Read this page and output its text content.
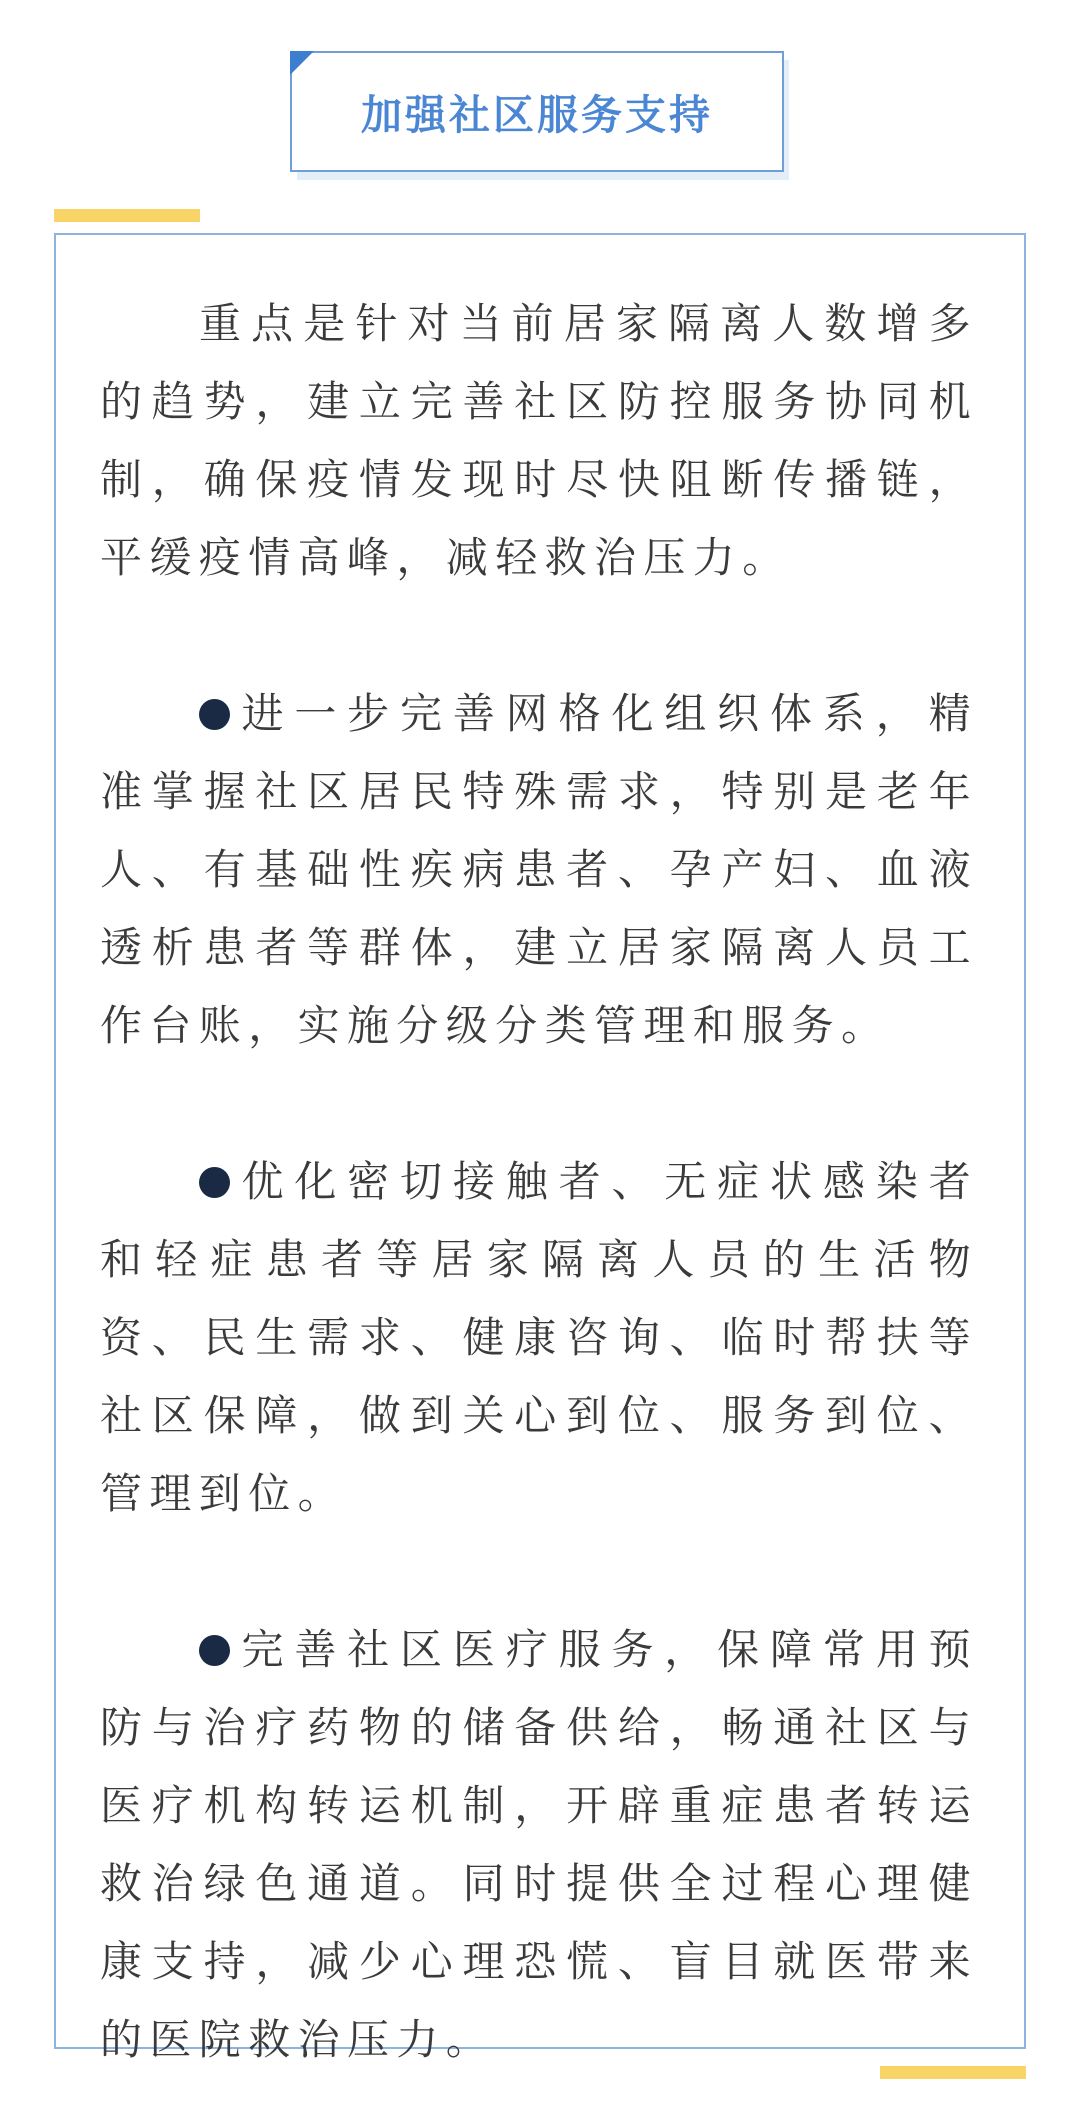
加强社区服务支持

重点是针对当前居家隔离人数增多的趋势，建立完善社区防控服务协同机制，确保疫情发现时尽快阻断传播链，平缓疫情高峰，减轻救治压力。

进一步完善网格化组织体系，精准掌握社区居民特殊需求，特别是老年人、有基础性疾病患者、孕产妇、血液透析患者等群体，建立居家隔离人员工作台账，实施分级分类管理和服务。

优化密切接触者、无症状感染者和轻症患者等居家隔离人员的生活物资、民生需求、健康咨询、临时帮扶等社区保障，做到关心到位、服务到位、管理到位。

完善社区医疗服务，保障常用预防与治疗药物的储备供给，畅通社区与医疗机构转运机制，开辟重症患者转运救治绿色通道。同时提供全过程心理健康支持，减少心理恐慌、盲目就医带来的医院救治压力。
